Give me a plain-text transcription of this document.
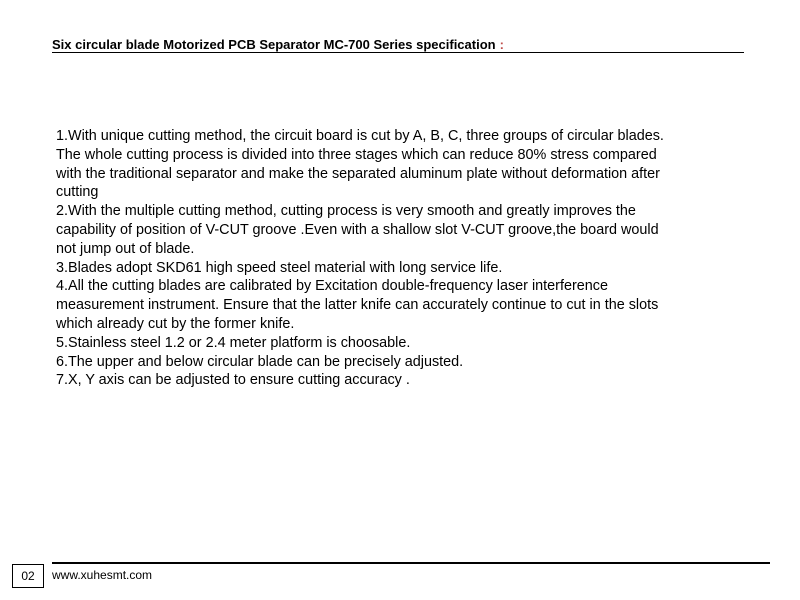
Six circular blade Motorized PCB Separator MC-700 Series specification :

1.With unique cutting method, the circuit board is cut by A, B, C, three groups of circular blades. The whole cutting process is divided into three stages which can reduce 80% stress compared with the traditional separator and make the separated aluminum plate without deformation after cutting

2.With the multiple cutting method, cutting process is very smooth and greatly improves the capability of position of V-CUT groove .Even with a shallow slot V-CUT groove,the board would not jump out of blade.

3.Blades adopt SKD61 high speed steel material with long service life.

4.All the cutting blades are calibrated by Excitation double-frequency laser interference measurement instrument. Ensure that the latter knife can accurately continue to cut in the slots which already cut by the former knife.

5.Stainless steel 1.2 or 2.4 meter platform is choosable.

6.The upper and below circular blade can be precisely adjusted.

7.X, Y axis can be adjusted to ensure cutting accuracy .

02	www.xuhesmt.com
